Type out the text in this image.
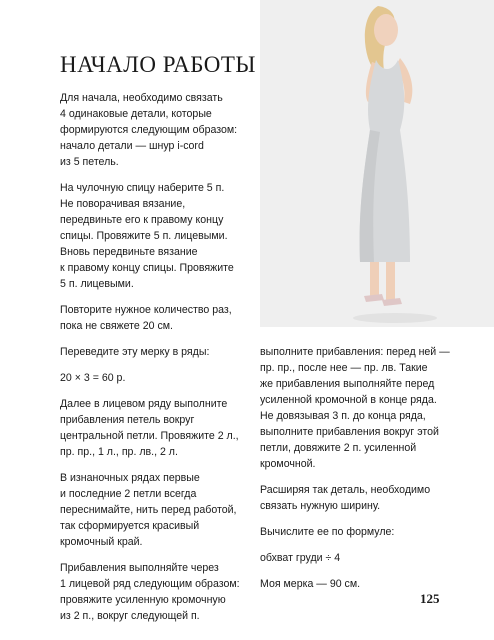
НАЧАЛО РАБОТЫ

Для начала, необходимо связать
4 одинаковые детали, которые
формируются следующим образом:
начало детали — шнур i-cord
из 5 петель.

На чулочную спицу наберите 5 п.
Не поворачивая вязание,
передвиньте его к правому концу
спицы. Провяжите 5 п. лицевыми.
Вновь передвиньте вязание
к правому концу спицы. Провяжите
5 п. лицевыми.

Повторите нужное количество раз,
пока не свяжете 20 см.

Переведите эту мерку в ряды:

20 × 3 = 60 р.

Далее в лицевом ряду выполните
прибавления петель вокруг
центральной петли. Провяжите 2 л.,
пр. пр., 1 л., пр. лв., 2 л.

В изнаночных рядах первые
и последние 2 петли всегда
переснимайте, нить перед работой,
так сформируется красивый
кромочный край.

Прибавления выполняйте через
1 лицевой ряд следующим образом:
провяжите усиленную кромочную
из 2 п., вокруг следующей п.

выполните прибавления: перед ней —
пр. пр., после нее — пр. лв. Такие
же прибавления выполняйте перед
усиленной кромочной в конце ряда.
Не довязывая 3 п. до конца ряда,
выполните прибавления вокруг этой
петли, довяжите 2 п. усиленной
кромочной.

Расширяя так деталь, необходимо
связать нужную ширину.

Вычислите ее по формуле:

обхват груди ÷ 4

Моя мерка — 90 см.

125
